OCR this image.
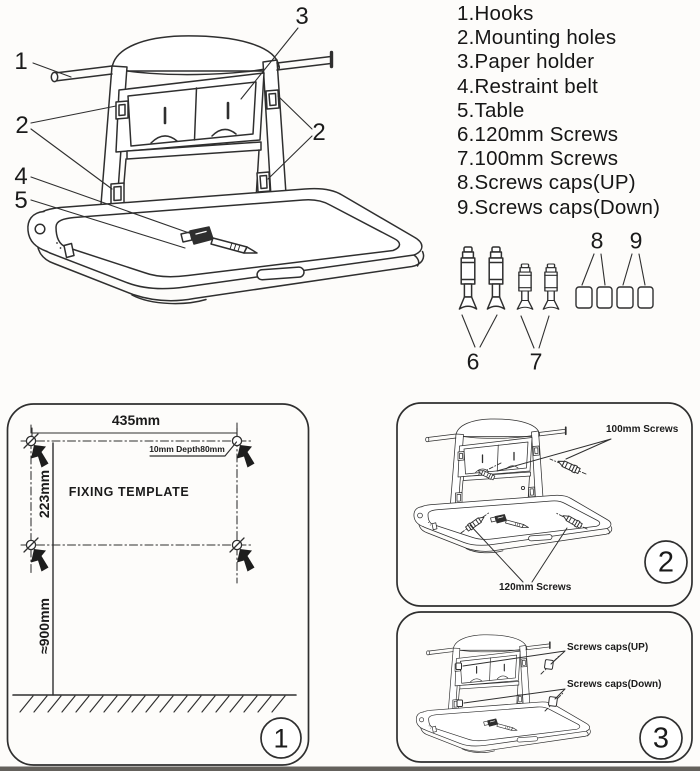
1.Hooks
2.Mounting holes
3.Paper holder
4.Restraint belt
5.Table
6.120mm Screws
7.100mm Screws
8.Screws caps(UP)
9.Screws caps(Down)
1
2
3
2
4
5
6 7
8 9
435mm
223mm
≈900mm
FIXING TEMPLATE
10mm Depth80mm
1
100mm Screws
120mm Screws
2
Screws caps(UP)
Screws caps(Down)
3
